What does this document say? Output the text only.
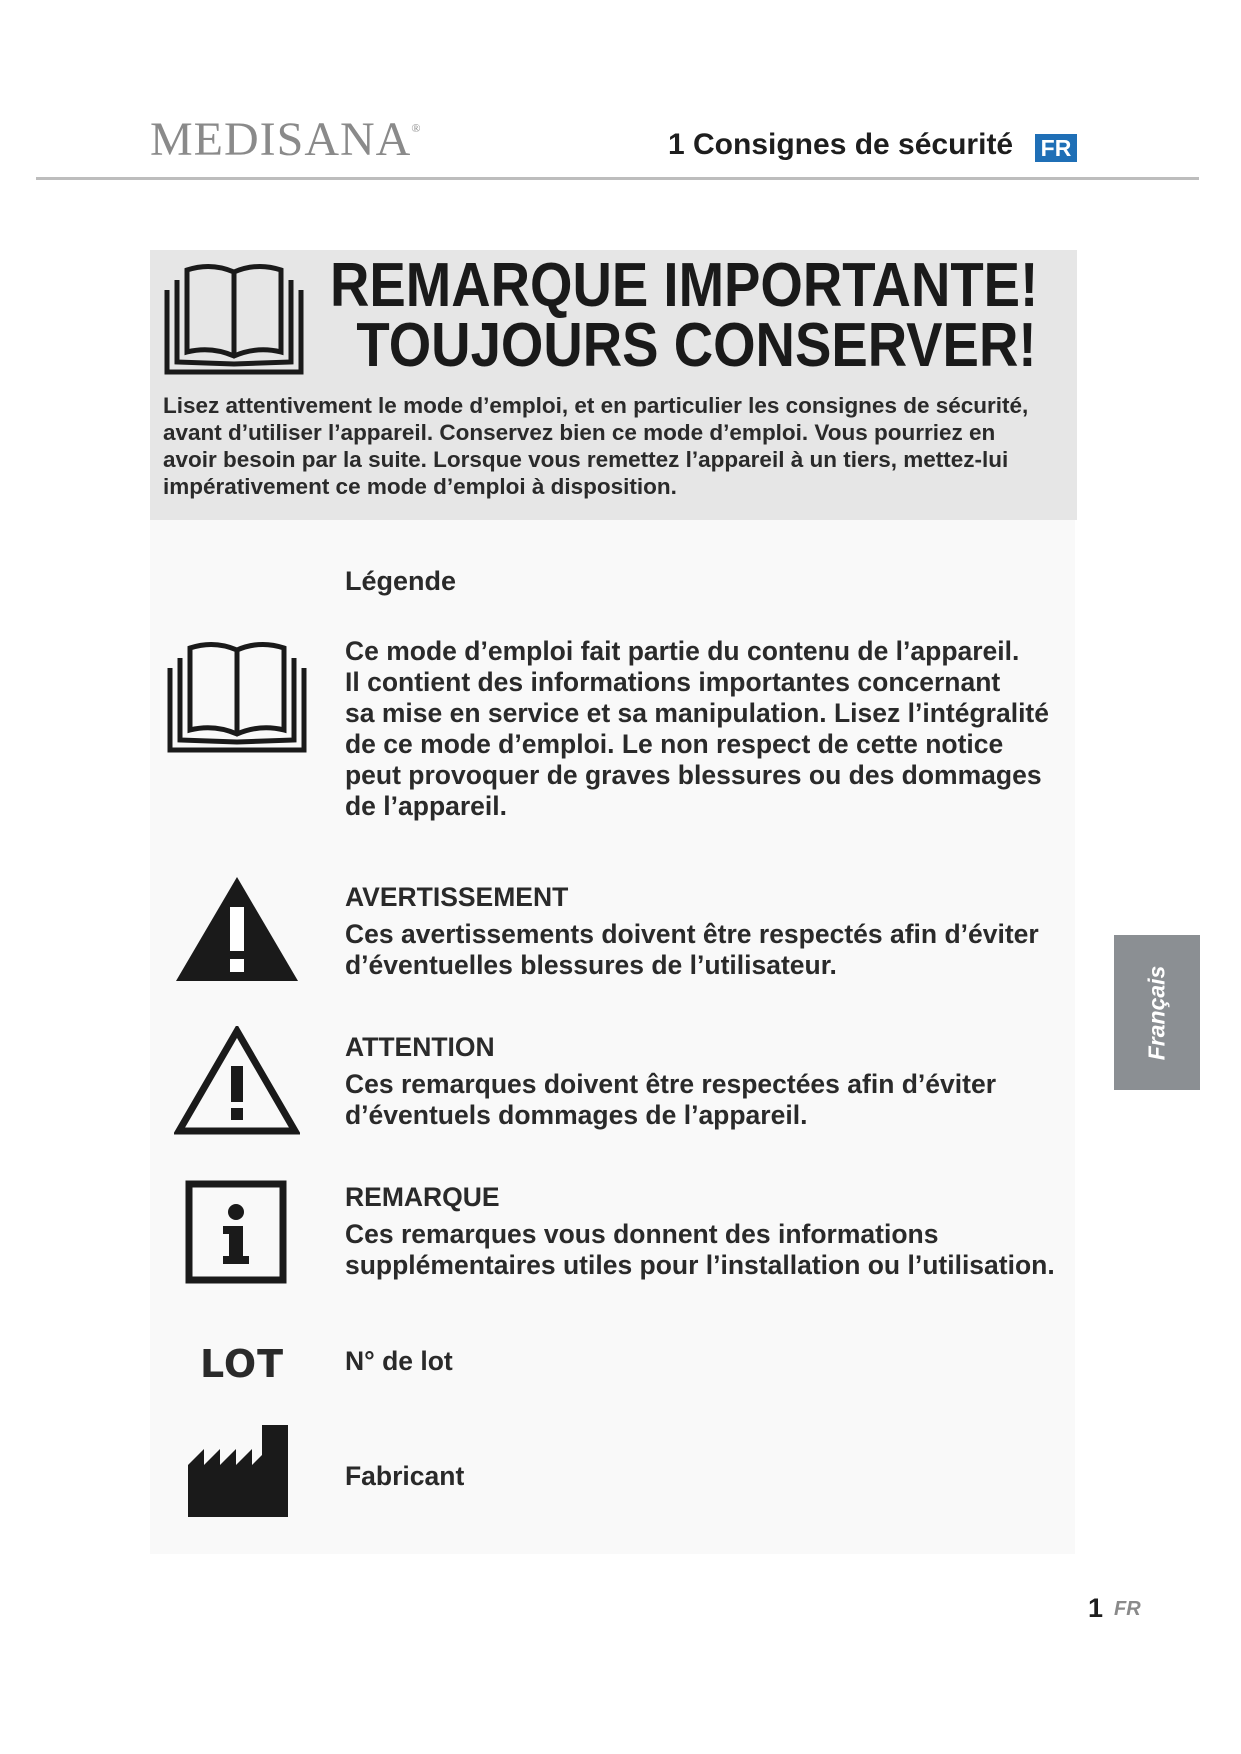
MEDISANA®	1 Consignes de sécurité FR
REMARQUE IMPORTANTE!
TOUJOURS CONSERVER!
Lisez attentivement le mode d’emploi, et en particulier les consignes de sécurité,
avant d’utiliser l’appareil. Conservez bien ce mode d’emploi. Vous pourriez en
avoir besoin par la suite. Lorsque vous remettez l’appareil à un tiers, mettez-lui
impérativement ce mode d’emploi à disposition.
Légende
Ce mode d’emploi fait partie du contenu de l’appareil.
Il contient des informations importantes concernant
sa mise en service et sa manipulation. Lisez l’intégralité
de ce mode d’emploi. Le non respect de cette notice
peut provoquer de graves blessures ou des dommages
de l’appareil.
AVERTISSEMENT
Ces avertissements doivent être respectés afin d’éviter
d’éventuelles blessures de l’utilisateur.
ATTENTION
Ces remarques doivent être respectées afin d’éviter
d’éventuels dommages de l’appareil.
REMARQUE
Ces remarques vous donnent des informations
supplémentaires utiles pour l’installation ou l’utilisation.
LOT N° de lot
Fabricant
Français
1 FR
